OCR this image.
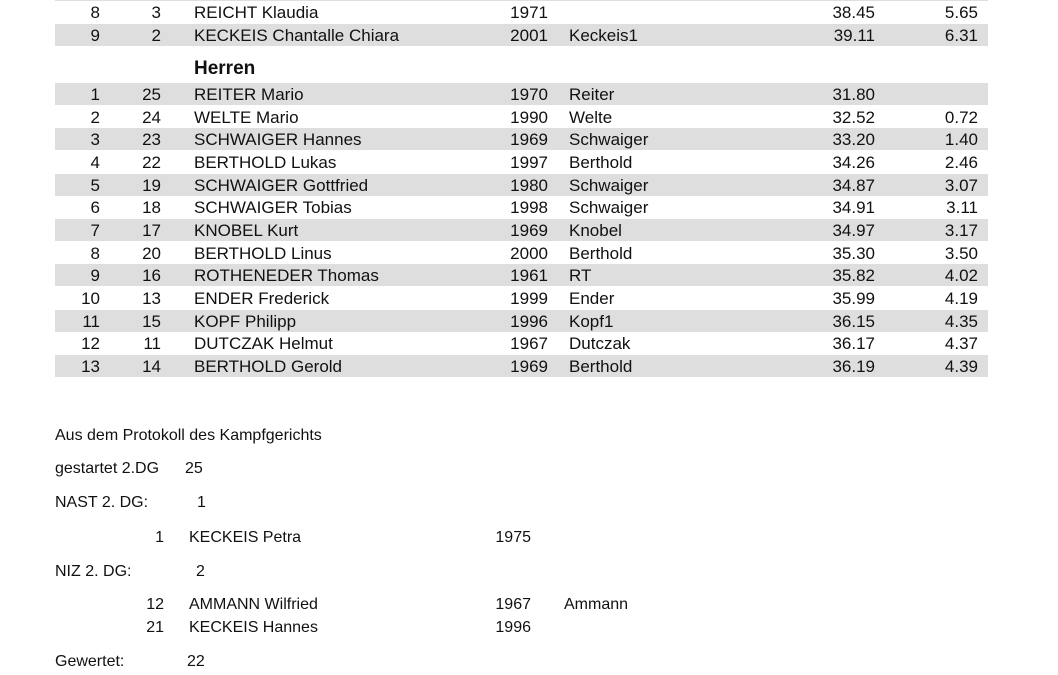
8	3 REICHT Klaudia	1971	38.45	5.65
9	2 KECKEIS Chantalle Chiara	2001 Keckeis1	39.11	6.31
1 25 REITER Mario	1970 Reiter	31.80
2 24 WELTE Mario	1990 Welte	32.52	0.72
3 23 SCHWAIGER Hannes	1969 Schwaiger	33.20	1.40
4 22 BERTHOLD Lukas	1997 Berthold	34.26	2.46
5 19 SCHWAIGER Gottfried	1980 Schwaiger	34.87	3.07
6 18 SCHWAIGER Tobias	1998 Schwaiger	34.91	3.11
7 17 KNOBEL Kurt	1969 Knobel	34.97	3.17
8 20 BERTHOLD Linus	2000 Berthold	35.30	3.50
9 16 ROTHENEDER Thomas	1961 RT	35.82	4.02
10 13 ENDER Frederick	1999 Ender	35.99	4.19
11 15 KOPF Philipp	1996 Kopf1	36.15	4.35
12	11 DUTCZAK Helmut	1967 Dutczak	36.17	4.37
13 14 BERTHOLD Gerold	1969 Berthold	36.19	4.39
Herren
Aus dem Protokoll des Kampfgerichts
gestartet 2.DG 25
NAST 2. DG:	1
NIZ 2. DG:	2
Gewertet:	22
1 KECKEIS Petra	1975
12 AMMANN Wilfried	1967 Ammann
21 KECKEIS Hannes	1996
